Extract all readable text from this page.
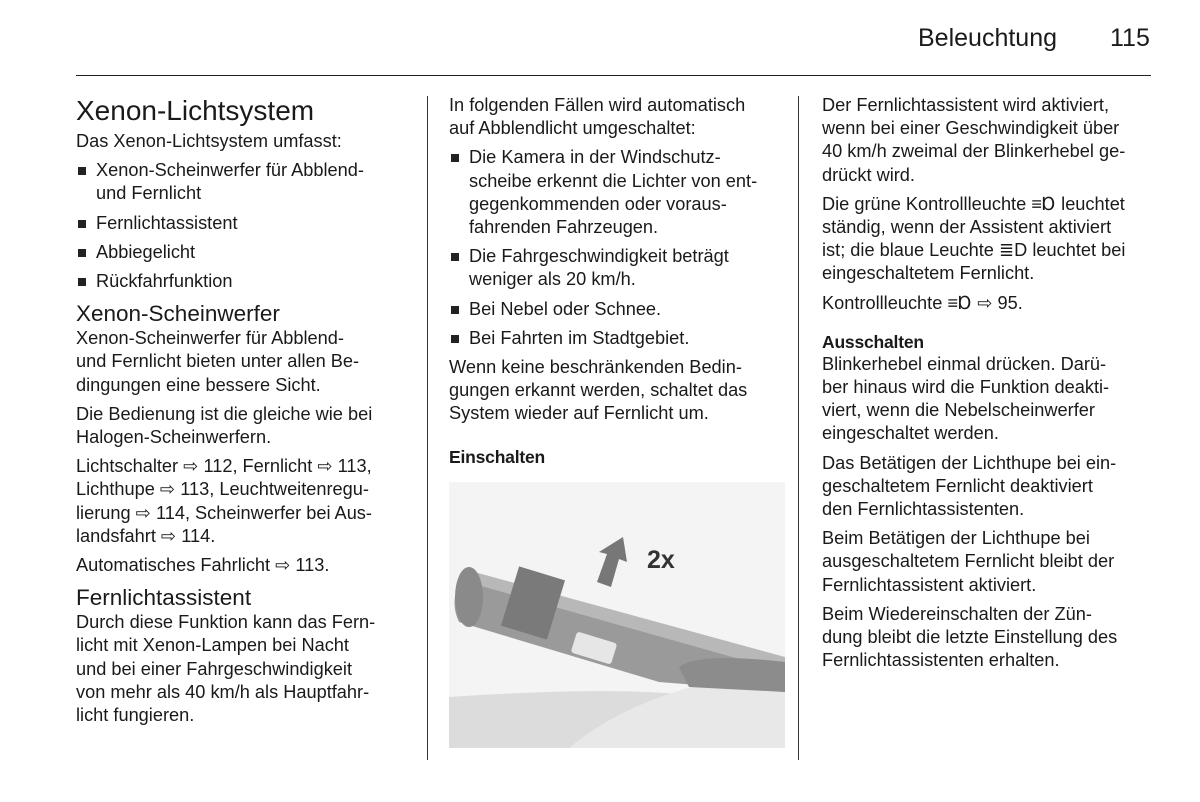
Beleuchtung 115
Xenon-Lichtsystem

Das Xenon-Lichtsystem umfasst:

Xenon-Scheinwerfer für Abblend-
und Fernlicht
Fernlichtassistent
Abbiegelicht
Rückfahrfunktion
Xenon-Scheinwerfer

Xenon-Scheinwerfer für Abblend-
und Fernlicht bieten unter allen Be-
dingungen eine bessere Sicht.

Die Bedienung ist die gleiche wie bei
Halogen-Scheinwerfern.

Lichtschalter ⇨ 112, Fernlicht ⇨ 113,
Lichthupe ⇨ 113, Leuchtweitenregu-
lierung ⇨ 114, Scheinwerfer bei Aus-
landsfahrt ⇨ 114.

Automatisches Fahrlicht ⇨ 113.

Fernlichtassistent

Durch diese Funktion kann das Fern-
licht mit Xenon-Lampen bei Nacht
und bei einer Fahrgeschwindigkeit
von mehr als 40 km/h als Hauptfahr-
licht fungieren.

In folgenden Fällen wird automatisch
auf Abblendlicht umgeschaltet:

Die Kamera in der Windschutz-
scheibe erkennt die Lichter von ent-
gegenkommenden oder voraus-
fahrenden Fahrzeugen.
Die Fahrgeschwindigkeit beträgt
weniger als 20 km/h.
Bei Nebel oder Schnee.
Bei Fahrten im Stadtgebiet.

Wenn keine beschränkenden Bedin-
gungen erkannt werden, schaltet das
System wieder auf Fernlicht um.

Einschalten
2x

Der Fernlichtassistent wird aktiviert,
wenn bei einer Geschwindigkeit über
40 km/h zweimal der Blinkerhebel ge-
drückt wird.

Die grüne Kontrollleuchte ≡Ɒ leuchtet
ständig, wenn der Assistent aktiviert
ist; die blaue Leuchte ≣D leuchtet bei
eingeschaltetem Fernlicht.

Kontrollleuchte ≡Ɒ ⇨ 95.

Ausschalten

Blinkerhebel einmal drücken. Darü-
ber hinaus wird die Funktion deakti-
viert, wenn die Nebelscheinwerfer
eingeschaltet werden.

Das Betätigen der Lichthupe bei ein-
geschaltetem Fernlicht deaktiviert
den Fernlichtassistenten.

Beim Betätigen der Lichthupe bei
ausgeschaltetem Fernlicht bleibt der
Fernlichtassistent aktiviert.

Beim Wiedereinschalten der Zün-
dung bleibt die letzte Einstellung des
Fernlichtassistenten erhalten.
